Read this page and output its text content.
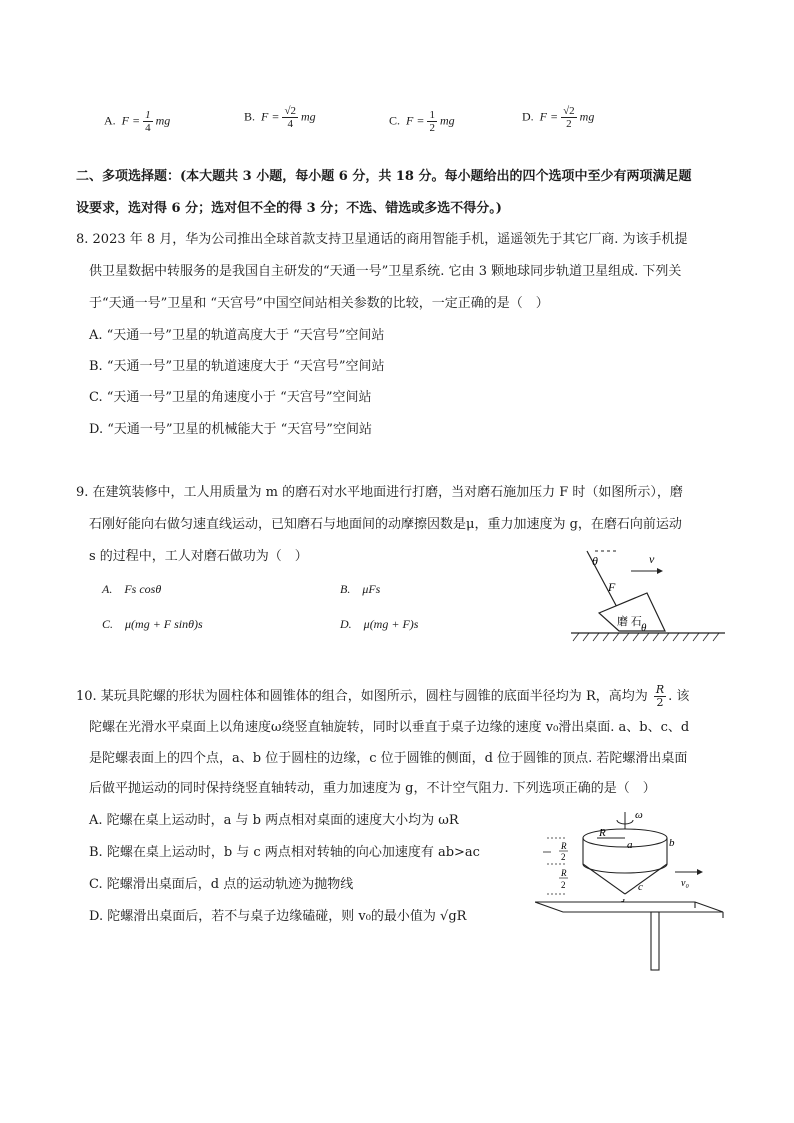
A. $F = \frac{1}{4}$ mg	B. $F = \frac{√2}{4}$ mg	C. $F = \frac{1}{2}$ mg	D. $F = \frac{√2}{2}$ mg
二、多项选择题：(本大题共 3 小题，每小题 6 分，共 18 分。每小题给出的四个选项中至少有两项满足题
设要求，选对得 6 分；选对但不全的得 3 分；不选、错选或多选不得分。)
8. 2023 年 8 月，华为公司推出全球首款支持卫星通话的商用智能手机，遥遥领先于其它厂商. 为该手机提
供卫星数据中转服务的是我国自主研发的“天通一号”卫星系统. 它由 3 颗地球同步轨道卫星组成. 下列关
于“天通一号”卫星和 “天宫号”中国空间站相关参数的比较，一定正确的是（　）
A. “天通一号”卫星的轨道高度大于 “天宫号”空间站
B. “天通一号”卫星的轨道速度大于 “天宫号”空间站
C. “天通一号”卫星的角速度小于 “天宫号”空间站
D. “天通一号”卫星的机械能大于 “天宫号”空间站
9. 在建筑装修中，工人用质量为 m 的磨石对水平地面进行打磨，当对磨石施加压力 F 时（如图所示），磨
石刚好能向右做匀速直线运动，已知磨石与地面间的动摩擦因数是μ，重力加速度为 g，在磨石向前运动
s 的过程中，工人对磨石做功为（　）
A.　Fs cosθ	B.　μFs
C.　μ(mg + F sinθ)s	D.　μ(mg + F)s
θ
F
v
磨 石 θ
10. 某玩具陀螺的形状为圆柱体和圆锥体的组合，如图所示，圆柱与圆锥的底面半径均为 R，高均为 $\frac{R}{2}$ . 该
陀螺在光滑水平桌面上以角速度ω绕竖直轴旋转，同时以垂直于桌子边缘的速度 v₀滑出桌面. a、b、c、d
是陀螺表面上的四个点，a、b 位于圆柱的边缘，c 位于圆锥的侧面，d 位于圆锥的顶点. 若陀螺滑出桌面
后做平抛运动的同时保持绕竖直轴转动，重力加速度为 g，不计空气阻力. 下列选项正确的是（　）
A. 陀螺在桌上运动时，a 与 b 两点相对桌面的速度大小均为 ωR
B. 陀螺在桌上运动时，b 与 c 两点相对转轴的向心加速度有 ab>ac
C. 陀螺滑出桌面后，d 点的运动轨迹为抛物线
D. 陀螺滑出桌面后，若不与桌子边缘磕碰，则 v₀的最小值为 √gR
ω
R
a	b
c
R
2
R
2	v₀
